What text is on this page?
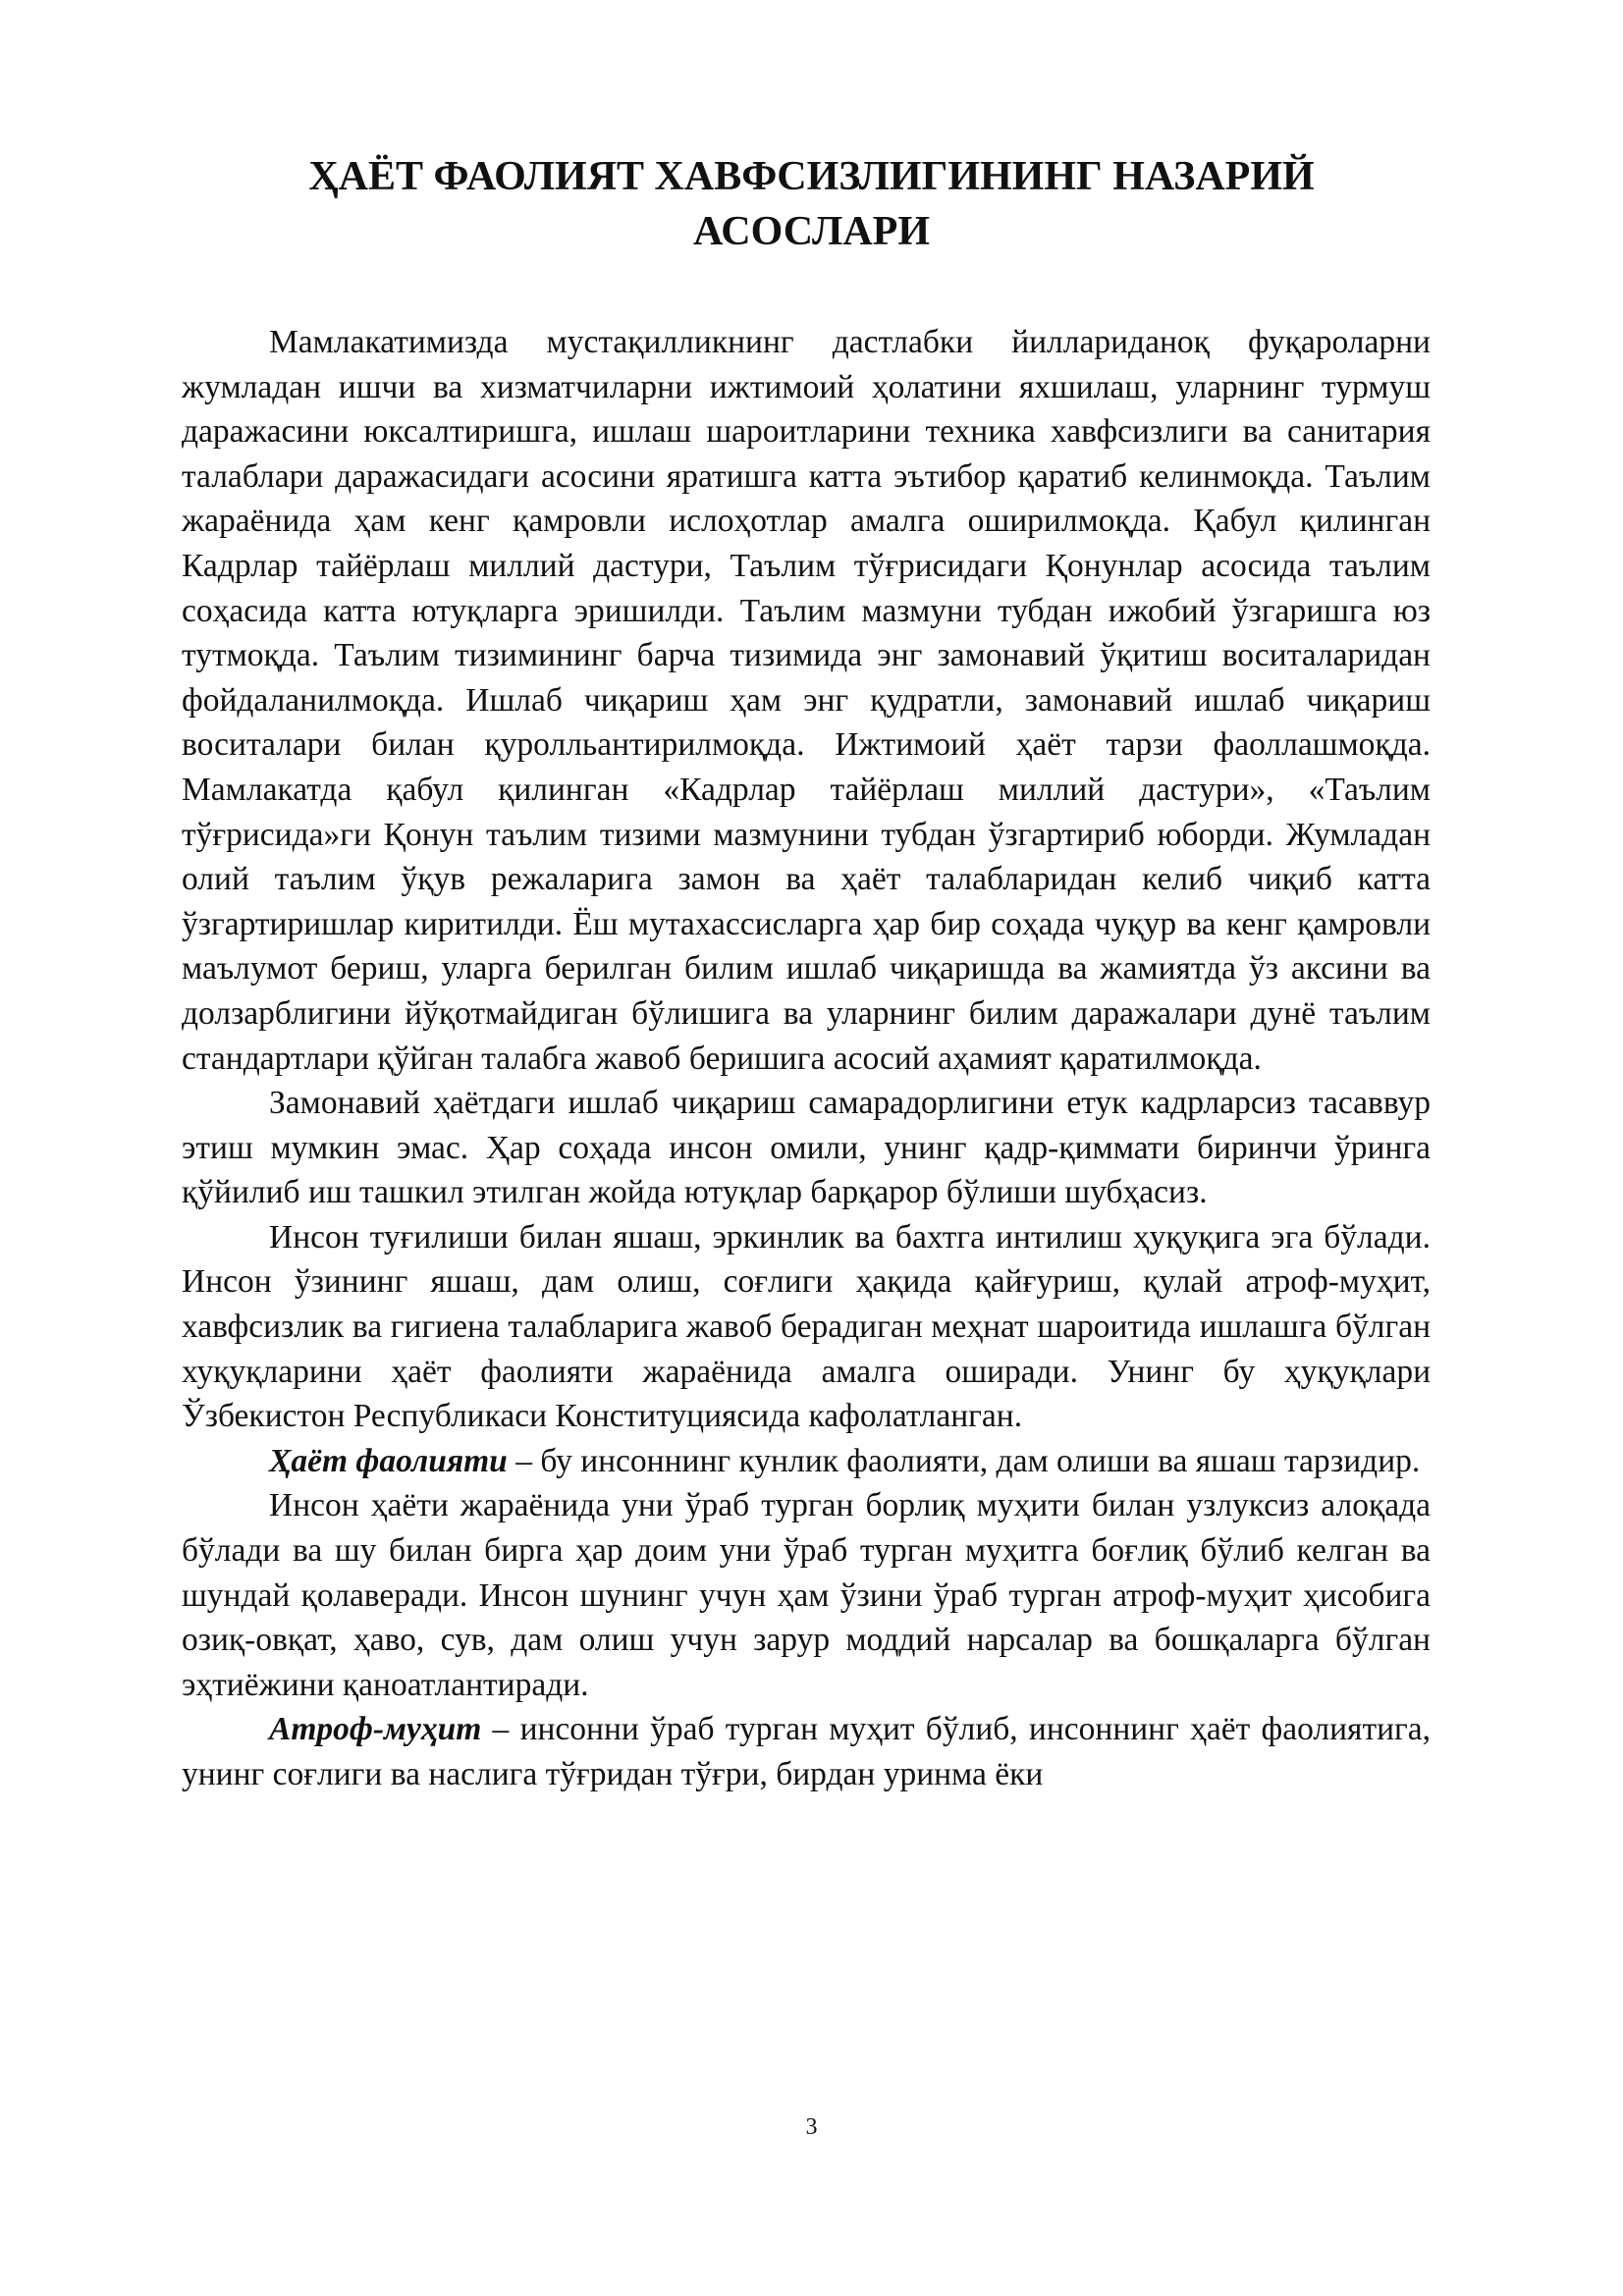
ҲАЁТ ФАОЛИЯТ ХАВФСИЗЛИГИНИНГ НАЗАРИЙ
АСОСЛАРИ

Мамлакатимизда мустақилликнинг дастлабки йиллариданоқ фуқароларни жумладан ишчи ва хизматчиларни ижтимоий ҳолатини яхшилаш, уларнинг турмуш даражасини юксалтиришга, ишлаш шароитларини техника хавфсизлиги ва санитария талаблари даражасидаги асосини яратишга катта эътибор қаратиб келинмоқда. Таълим жараёнида ҳам кенг қамровли ислоҳотлар амалга оширилмоқда. Қабул қилинган Кадрлар тайёрлаш миллий дастури, Таълим тўғрисидаги Қонунлар асосида таълим соҳасида катта ютуқларга эришилди. Таълим мазмуни тубдан ижобий ўзгаришга юз тутмоқда. Таълим тизимининг барча тизимида энг замонавий ўқитиш воситаларидан фойдаланилмоқда. Ишлаб чиқариш ҳам энг қудратли, замонавий ишлаб чиқариш воситалари билан қуролльантирилмоқда. Ижтимоий ҳаёт тарзи фаоллашмоқда. Мамлакатда қабул қилинган «Кадрлар тайёрлаш миллий дастури», «Таълим тўғрисида»ги Қонун таълим тизими мазмунини тубдан ўзгартириб юборди. Жумладан олий таълим ўқув режаларига замон ва ҳаёт талабларидан келиб чиқиб катта ўзгартиришлар киритилди. Ёш мутахассисларга ҳар бир соҳада чуқур ва кенг қамровли маълумот бериш, уларга берилган билим ишлаб чиқаришда ва жамиятда ўз аксини ва долзарблигини йўқотмайдиган бўлишига ва уларнинг билим даражалари дунё таълим стандартлари қўйган талабга жавоб беришига асосий аҳамият қаратилмоқда.

Замонавий ҳаётдаги ишлаб чиқариш самарадорлигини етук кадрларсиз тасаввур этиш мумкин эмас. Ҳар соҳада инсон омили, унинг қадр-қиммати биринчи ўринга қўйилиб иш ташкил этилган жойда ютуқлар барқарор бўлиши шубҳасиз.

Инсон туғилиши билан яшаш, эркинлик ва бахтга интилиш ҳуқуқига эга бўлади. Инсон ўзининг яшаш, дам олиш, соғлиги ҳақида қайғуриш, қулай атроф-муҳит, хавфсизлик ва гигиена талабларига жавоб берадиган меҳнат шароитида ишлашга бўлган хуқуқларини ҳаёт фаолияти жараёнида амалга оширади. Унинг бу ҳуқуқлари Ўзбекистон Республикаси Конституциясида кафолатланган.

Ҳаёт фаолияти – бу инсоннинг кунлик фаолияти, дам олиши ва яшаш тарзидир.

Инсон ҳаёти жараёнида уни ўраб турган борлиқ муҳити билан узлуксиз алоқада бўлади ва шу билан бирга ҳар доим уни ўраб турган муҳитга боғлиқ бўлиб келган ва шундай қолаверади. Инсон шунинг учун ҳам ўзини ўраб турган атроф-муҳит ҳисобига озиқ-овқат, ҳаво, сув, дам олиш учун зарур моддий нарсалар ва бошқаларга бўлган эҳтиёжини қаноатлантиради.

Атроф-муҳит – инсонни ўраб турган муҳит бўлиб, инсоннинг ҳаёт фаолиятига, унинг соғлиги ва наслига тўғридан тўғри, бирдан уринма ёки

3
